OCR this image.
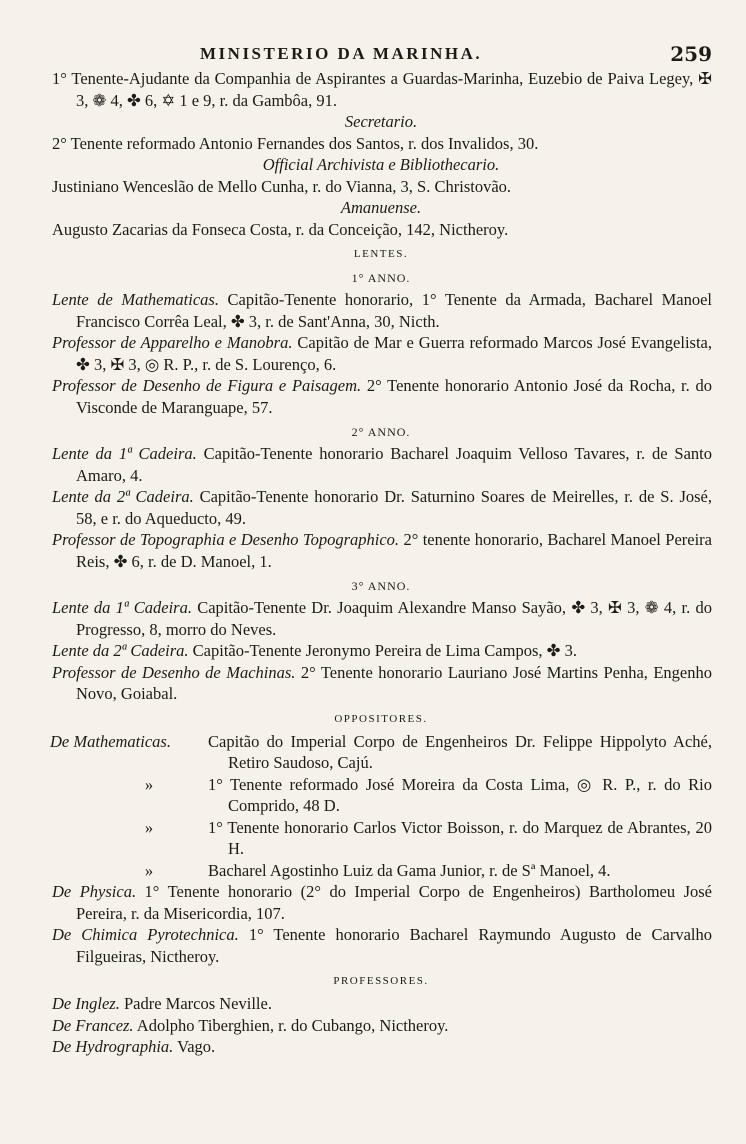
MINISTERIO DA MARINHA.	259

1° Tenente-Ajudante da Companhia de Aspirantes a Guardas-Marinha, Euzebio de Paiva Legey, ✠ 3, ❁ 4, ✤ 6, ✡ 1 e 9, r. da Gambôa, 91.

Secretario.

2° Tenente reformado Antonio Fernandes dos Santos, r. dos Invalidos, 30.

Official Archivista e Bibliothecario.

Justiniano Wenceslão de Mello Cunha, r. do Vianna, 3, S. Christovão.

Amanuense.

Augusto Zacarias da Fonseca Costa, r. da Conceição, 142, Nictheroy.

LENTES.
1° ANNO.

Lente de Mathematicas. Capitão-Tenente honorario, 1° Tenente da Armada, Bacharel Manoel Francisco Corrêa Leal, ✤ 3, r. de Sant'Anna, 30, Nicth.

Professor de Apparelho e Manobra. Capitão de Mar e Guerra reformado Marcos José Evangelista, ✤ 3, ✠ 3, ◎ R. P., r. de S. Lourenço, 6.

Professor de Desenho de Figura e Paisagem. 2° Tenente honorario Antonio José da Rocha, r. do Visconde de Maranguape, 57.

2° ANNO.

Lente da 1ª Cadeira. Capitão-Tenente honorario Bacharel Joaquim Velloso Tavares, r. de Santo Amaro, 4.

Lente da 2ª Cadeira. Capitão-Tenente honorario Dr. Saturnino Soares de Meirelles, r. de S. José, 58, e r. do Aqueducto, 49.

Professor de Topographia e Desenho Topographico. 2° tenente honorario, Bacharel Manoel Pereira Reis, ✤ 6, r. de D. Manoel, 1.

3° ANNO.

Lente da 1ª Cadeira. Capitão-Tenente Dr. Joaquim Alexandre Manso Sayão, ✤ 3, ✠ 3, ❁ 4, r. do Progresso, 8, morro do Neves.

Lente da 2ª Cadeira. Capitão-Tenente Jeronymo Pereira de Lima Campos, ✤ 3.

Professor de Desenho de Machinas. 2° Tenente honorario Lauriano José Martins Penha, Engenho Novo, Goiabal.

OPPOSITORES.
De Mathematicas.	Capitão do Imperial Corpo de Engenheiros Dr. Felippe Hippolyto Aché, Retiro Saudoso, Cajú.
»	1° Tenente reformado José Moreira da Costa Lima, ◎ R. P., r. do Rio Comprido, 48 D.
»	1° Tenente honorario Carlos Victor Boisson, r. do Marquez de Abrantes, 20 H.
»	Bacharel Agostinho Luiz da Gama Junior, r. de Sª Manoel, 4.

De Physica. 1° Tenente honorario (2° do Imperial Corpo de Engenheiros) Bartholomeu José Pereira, r. da Misericordia, 107.

De Chimica Pyrotechnica. 1° Tenente honorario Bacharel Raymundo Augusto de Carvalho Filgueiras, Nictheroy.

PROFESSORES.

De Inglez. Padre Marcos Neville.

De Francez. Adolpho Tiberghien, r. do Cubango, Nictheroy.

De Hydrographia. Vago.
